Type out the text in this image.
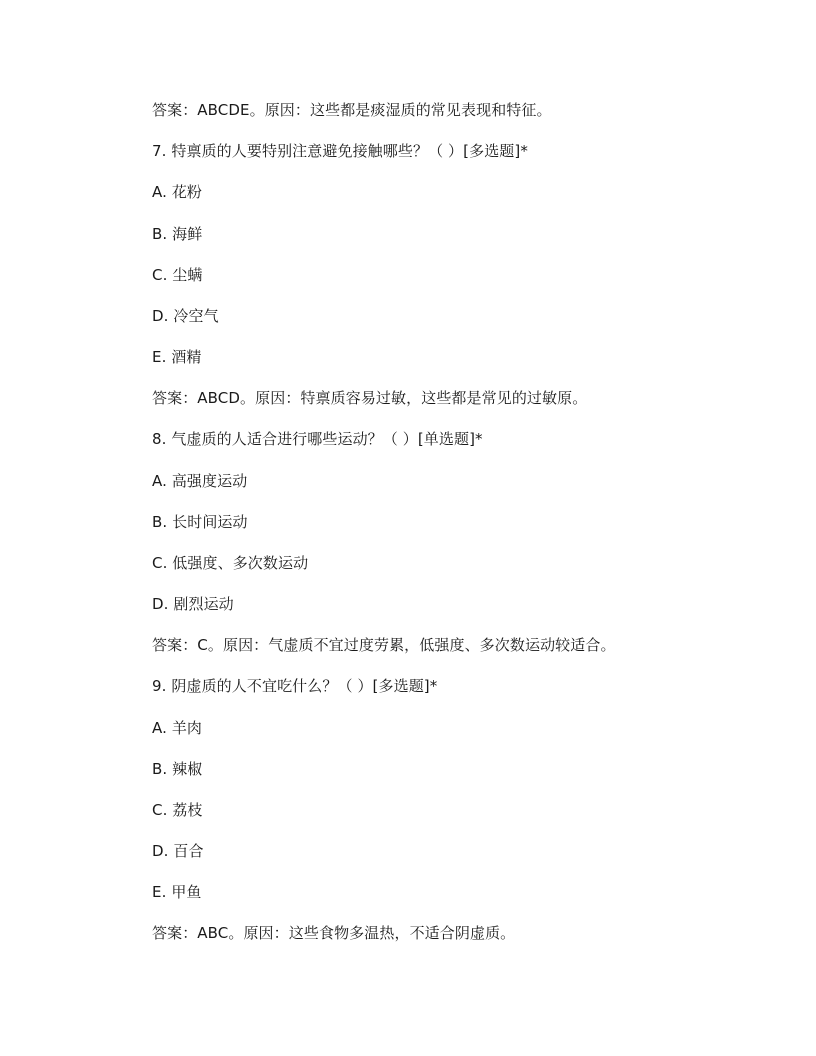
答案：ABCDE。原因：这些都是痰湿质的常见表现和特征。
7. 特禀质的人要特别注意避免接触哪些？（ ）[多选题]*
A. 花粉
B. 海鲜
C. 尘螨
D. 冷空气
E. 酒精
答案：ABCD。原因：特禀质容易过敏，这些都是常见的过敏原。
8. 气虚质的人适合进行哪些运动？（ ）[单选题]*
A. 高强度运动
B. 长时间运动
C. 低强度、多次数运动
D. 剧烈运动
答案：C。原因：气虚质不宜过度劳累，低强度、多次数运动较适合。
9. 阴虚质的人不宜吃什么？（ ）[多选题]*
A. 羊肉
B. 辣椒
C. 荔枝
D. 百合
E. 甲鱼
答案：ABC。原因：这些食物多温热，不适合阴虚质。
